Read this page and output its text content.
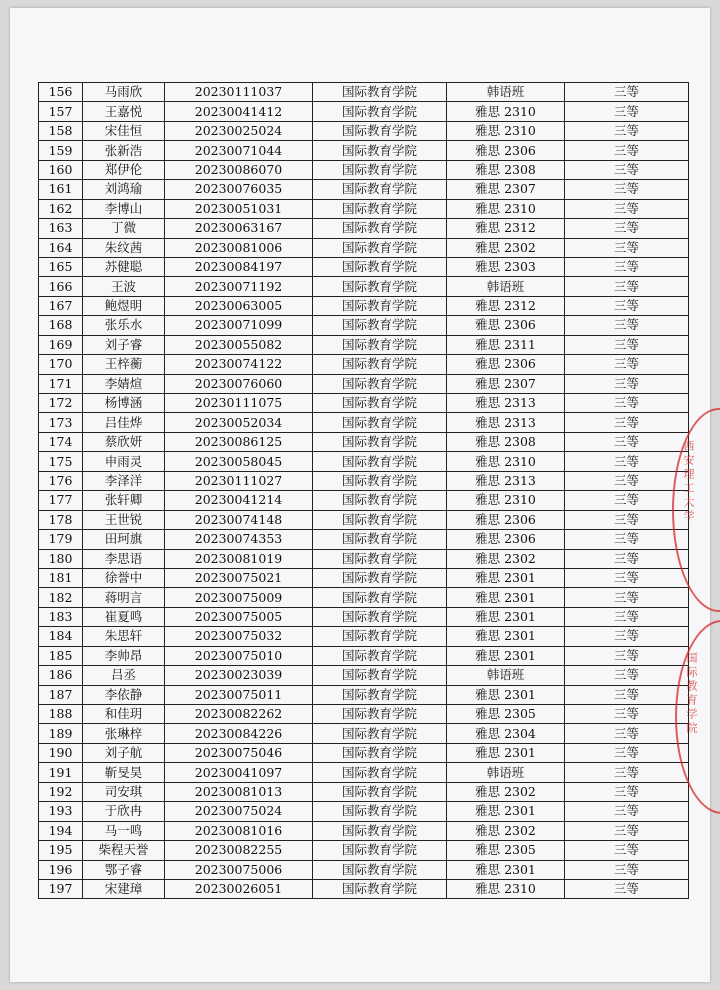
156	马雨欣	20230111037	国际教育学院	韩语班	三等
157	王嘉悦	20230041412	国际教育学院	雅思 2310	三等
158	宋佳恒	20230025024	国际教育学院	雅思 2310	三等
159	张新浩	20230071044	国际教育学院	雅思 2306	三等
160	郑伊伦	20230086070	国际教育学院	雅思 2308	三等
161	刘鸿瑜	20230076035	国际教育学院	雅思 2307	三等
162	李博山	20230051031	国际教育学院	雅思 2310	三等
163	丁微	20230063167	国际教育学院	雅思 2312	三等
164	朱纹茜	20230081006	国际教育学院	雅思 2302	三等
165	苏健聪	20230084197	国际教育学院	雅思 2303	三等
166	王波	20230071192	国际教育学院	韩语班	三等
167	鲍煜明	20230063005	国际教育学院	雅思 2312	三等
168	张乐水	20230071099	国际教育学院	雅思 2306	三等
169	刘子睿	20230055082	国际教育学院	雅思 2311	三等
170	王梓蘅	20230074122	国际教育学院	雅思 2306	三等
171	李婧煊	20230076060	国际教育学院	雅思 2307	三等
172	杨博涵	20230111075	国际教育学院	雅思 2313	三等
173	吕佳烨	20230052034	国际教育学院	雅思 2313	三等
174	蔡欣妍	20230086125	国际教育学院	雅思 2308	三等
175	申雨灵	20230058045	国际教育学院	雅思 2310	三等
176	李泽洋	20230111027	国际教育学院	雅思 2313	三等
177	张轩卿	20230041214	国际教育学院	雅思 2310	三等
178	王世锐	20230074148	国际教育学院	雅思 2306	三等
179	田珂旗	20230074353	国际教育学院	雅思 2306	三等
180	李思语	20230081019	国际教育学院	雅思 2302	三等
181	徐誉中	20230075021	国际教育学院	雅思 2301	三等
182	蒋明言	20230075009	国际教育学院	雅思 2301	三等
183	崔夏鸣	20230075005	国际教育学院	雅思 2301	三等
184	朱思轩	20230075032	国际教育学院	雅思 2301	三等
185	李帅昂	20230075010	国际教育学院	雅思 2301	三等
186	吕丞	20230023039	国际教育学院	韩语班	三等
187	李依静	20230075011	国际教育学院	雅思 2301	三等
188	和佳玥	20230082262	国际教育学院	雅思 2305	三等
189	张琳梓	20230084226	国际教育学院	雅思 2304	三等
190	刘子航	20230075046	国际教育学院	雅思 2301	三等
191	靳旻昊	20230041097	国际教育学院	韩语班	三等
192	司安琪	20230081013	国际教育学院	雅思 2302	三等
193	于欣冉	20230075024	国际教育学院	雅思 2301	三等
194	马一鸣	20230081016	国际教育学院	雅思 2302	三等
195	柴程天誉	20230082255	国际教育学院	雅思 2305	三等
196	鄂子睿	20230075006	国际教育学院	雅思 2301	三等
197	宋建璋	20230026051	国际教育学院	雅思 2310	三等
西安理工大学
国际教育学院
